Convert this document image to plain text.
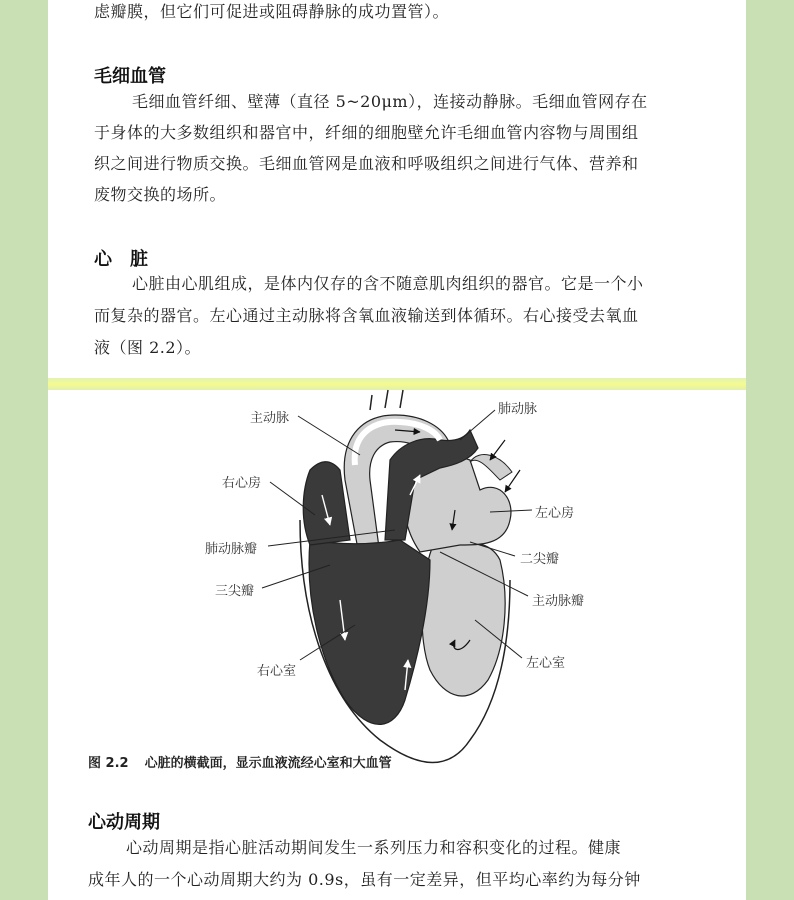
虑瓣膜，但它们可促进或阻碍静脉的成功置管）。
毛细血管
毛细血管纤细、壁薄（直径 5~20μm），连接动静脉。毛细血管网存在
于身体的大多数组织和器官中，纤细的细胞壁允许毛细血管内容物与周围组
织之间进行物质交换。毛细血管网是血液和呼吸组织之间进行气体、营养和
废物交换的场所。
心　脏
心脏由心肌组成，是体内仅存的含不随意肌肉组织的器官。它是一个小
而复杂的器官。左心通过主动脉将含氧血液输送到体循环。右心接受去氧血
液（图 2.2）。
主动脉
肺动脉
右心房
左心房
肺动脉瓣
二尖瓣
三尖瓣
主动脉瓣
右心室
左心室
图 2.2 心脏的横截面，显示血液流经心室和大血管
心动周期
心动周期是指心脏活动期间发生一系列压力和容积变化的过程。健康
成年人的一个心动周期大约为 0.9s，虽有一定差异，但平均心率约为每分钟
